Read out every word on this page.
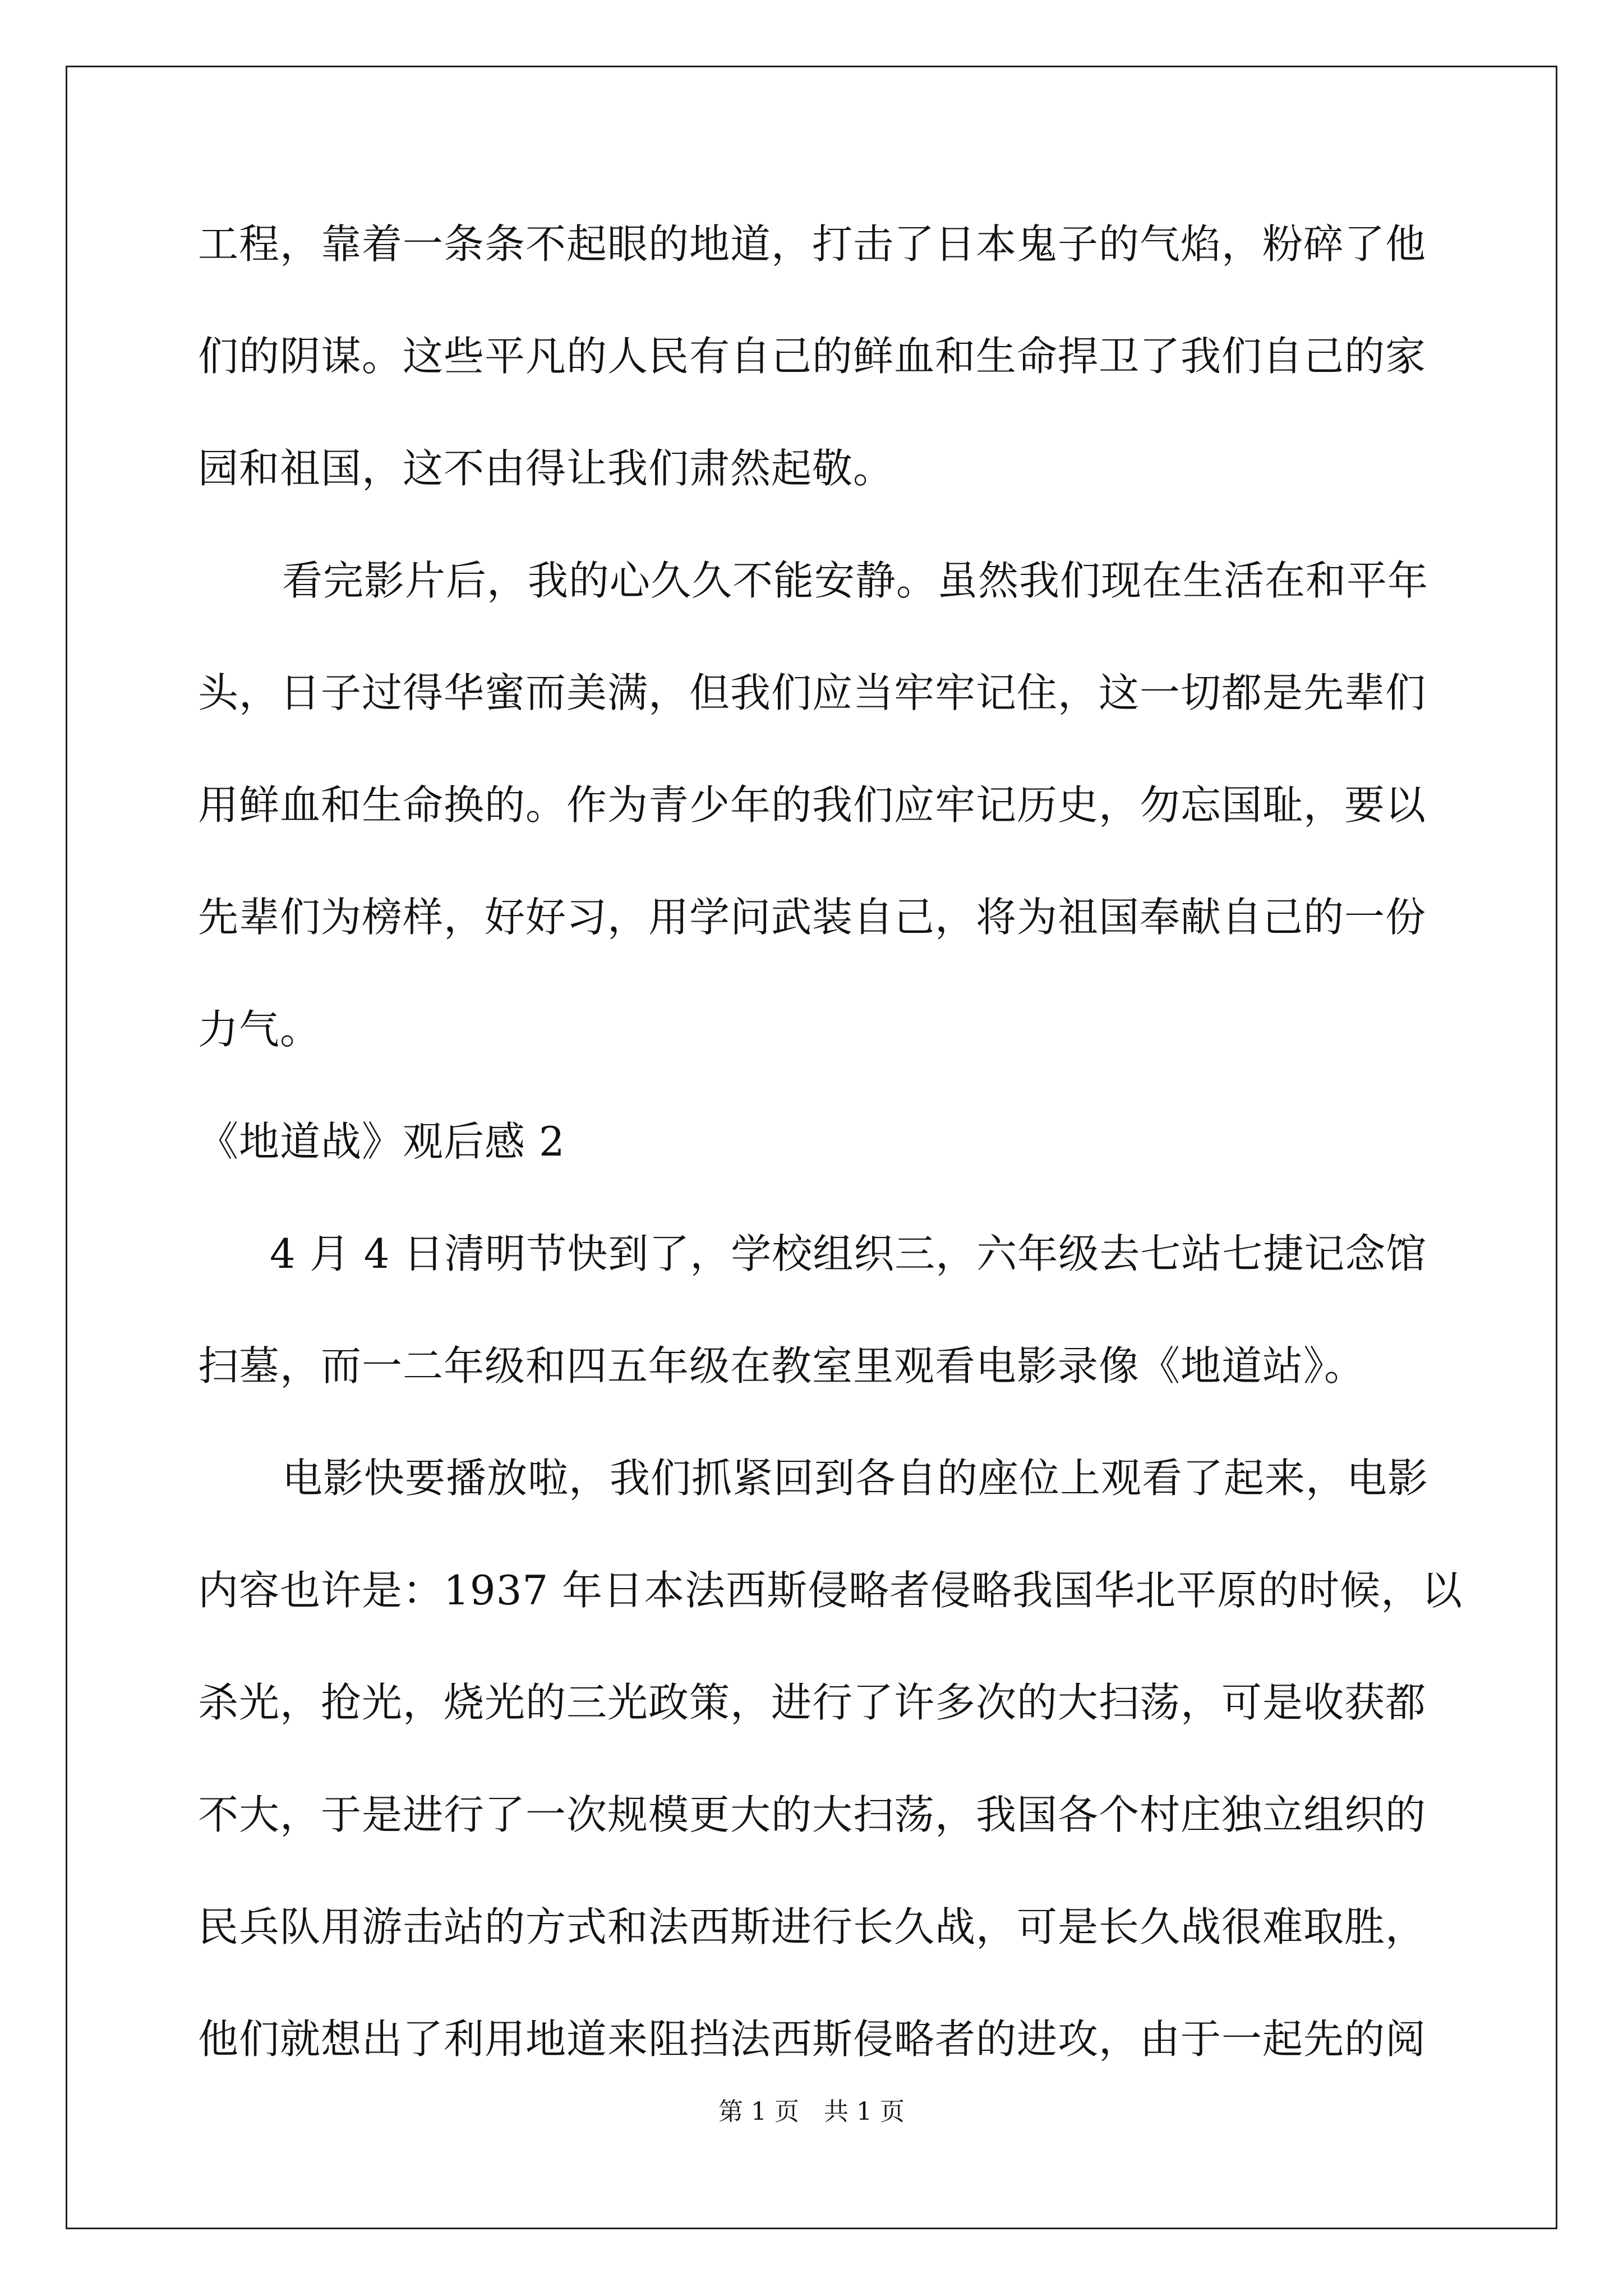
工程，靠着一条条不起眼的地道，打击了日本鬼子的气焰，粉碎了他
们的阴谋。这些平凡的人民有自己的鲜血和生命捍卫了我们自己的家
园和祖国，这不由得让我们肃然起敬。
看完影片后，我的心久久不能安静。虽然我们现在生活在和平年
头，日子过得华蜜而美满，但我们应当牢牢记住，这一切都是先辈们
用鲜血和生命换的。作为青少年的我们应牢记历史，勿忘国耻，要以
先辈们为榜样，好好习，用学问武装自己，将为祖国奉献自己的一份
力气。
《地道战》观后感 2
4 月 4 日清明节快到了，学校组织三，六年级去七站七捷记念馆
扫墓，而一二年级和四五年级在教室里观看电影录像《地道站》。
电影快要播放啦，我们抓紧回到各自的座位上观看了起来，电影
内容也许是：1937 年日本法西斯侵略者侵略我国华北平原的时候，以
杀光，抢光，烧光的三光政策，进行了许多次的大扫荡，可是收获都
不大，于是进行了一次规模更大的大扫荡，我国各个村庄独立组织的
民兵队用游击站的方式和法西斯进行长久战，可是长久战很难取胜，
他们就想出了利用地道来阻挡法西斯侵略者的进攻，由于一起先的阅
第 1 页　共 1 页
